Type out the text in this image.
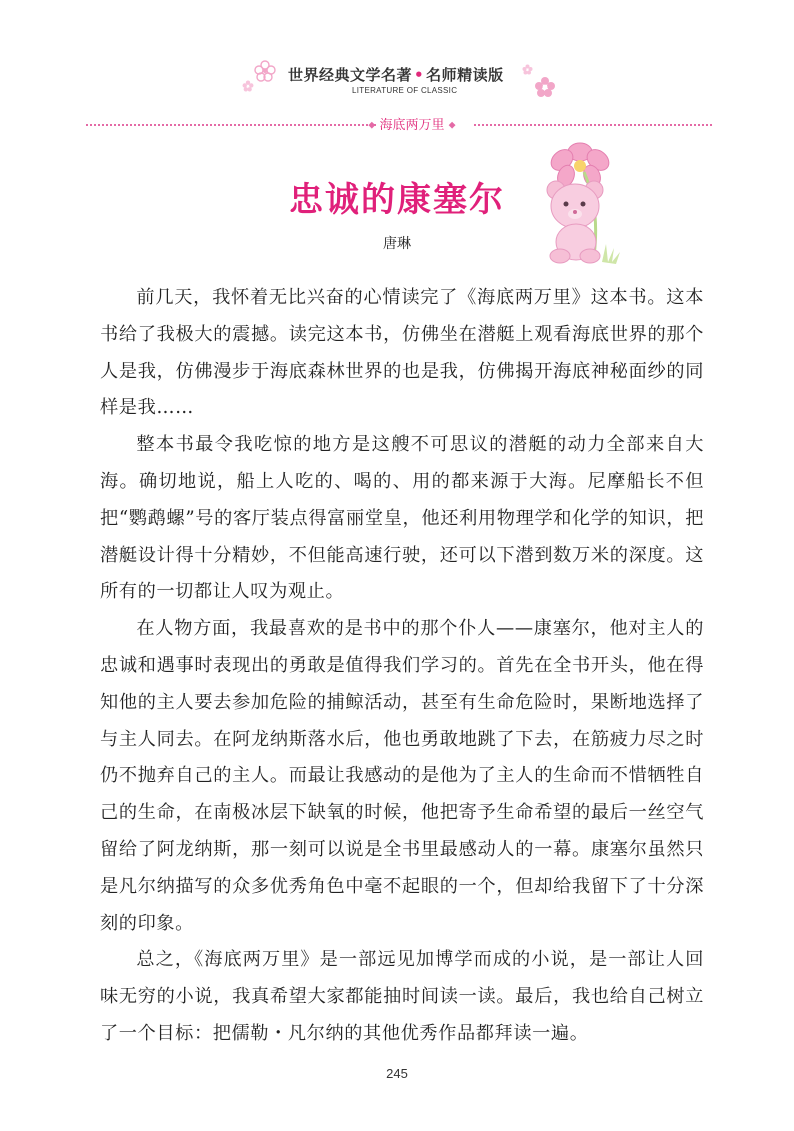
世界经典文学名著 • 名师精读版
LITERATURE OF CLASSIC
◆ 海底两万里 ◆
忠诚的康塞尔
唐琳

前几天，我怀着无比兴奋的心情读完了《海底两万里》这本书。这本书给了我极大的震撼。读完这本书，仿佛坐在潜艇上观看海底世界的那个人是我，仿佛漫步于海底森林世界的也是我，仿佛揭开海底神秘面纱的同样是我……

整本书最令我吃惊的地方是这艘不可思议的潜艇的动力全部来自大海。确切地说，船上人吃的、喝的、用的都来源于大海。尼摩船长不但把“鹦鹉螺”号的客厅装点得富丽堂皇，他还利用物理学和化学的知识，把潜艇设计得十分精妙，不但能高速行驶，还可以下潜到数万米的深度。这所有的一切都让人叹为观止。

在人物方面，我最喜欢的是书中的那个仆人——康塞尔，他对主人的忠诚和遇事时表现出的勇敢是值得我们学习的。首先在全书开头，他在得知他的主人要去参加危险的捕鲸活动，甚至有生命危险时，果断地选择了与主人同去。在阿龙纳斯落水后，他也勇敢地跳了下去，在筋疲力尽之时仍不抛弃自己的主人。而最让我感动的是他为了主人的生命而不惜牺牲自己的生命，在南极冰层下缺氧的时候，他把寄予生命希望的最后一丝空气留给了阿龙纳斯，那一刻可以说是全书里最感动人的一幕。康塞尔虽然只是凡尔纳描写的众多优秀角色中毫不起眼的一个，但却给我留下了十分深刻的印象。

总之，《海底两万里》是一部远见加博学而成的小说，是一部让人回味无穷的小说，我真希望大家都能抽时间读一读。最后，我也给自己树立了一个目标：把儒勒・凡尔纳的其他优秀作品都拜读一遍。

245
